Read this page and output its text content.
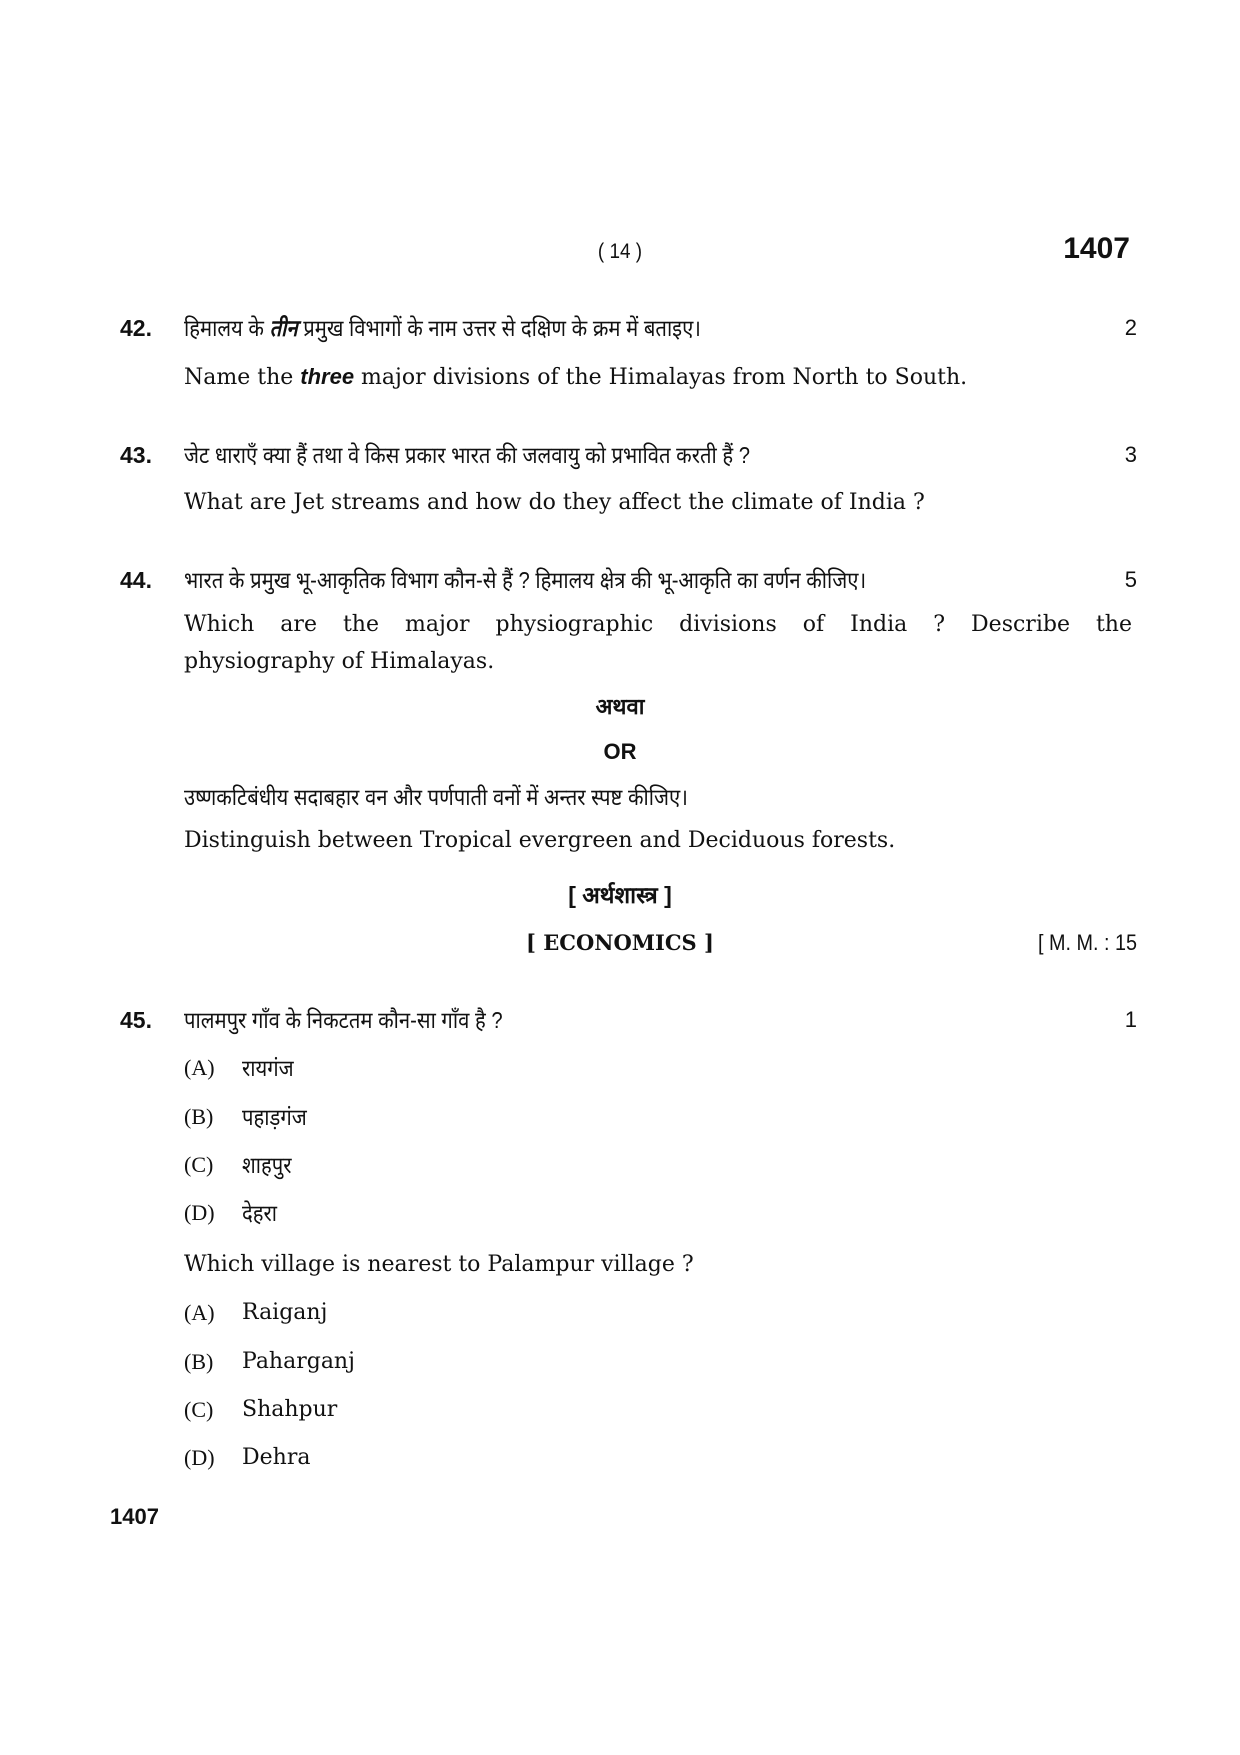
( 14 )	1407
42. हिमालय के तीन प्रमुख विभागों के नाम उत्तर से दक्षिण के क्रम में बताइए।	2
Name the three major divisions of the Himalayas from North to South.
43. जेट धाराएँ क्या हैं तथा वे किस प्रकार भारत की जलवायु को प्रभावित करती हैं ?	3
What are Jet streams and how do they affect the climate of India ?
44. भारत के प्रमुख भू-आकृतिक विभाग कौन-से हैं ? हिमालय क्षेत्र की भू-आकृति का वर्णन कीजिए।	5
Which are the major physiographic divisions of India ? Describe the
physiography of Himalayas.
अथवा
OR
उष्णकटिबंधीय सदाबहार वन और पर्णपाती वनों में अन्तर स्पष्ट कीजिए।
Distinguish between Tropical evergreen and Deciduous forests.
[ अर्थशास्त्र ]
[ ECONOMICS ]	[ M. M. : 15
45. पालमपुर गाँव के निकटतम कौन-सा गाँव है ?	1
(A) रायगंज
(B) पहाड़गंज
(C) शाहपुर
(D) देहरा
Which village is nearest to Palampur village ?
(A) Raiganj
(B) Paharganj
(C) Shahpur
(D) Dehra
1407
